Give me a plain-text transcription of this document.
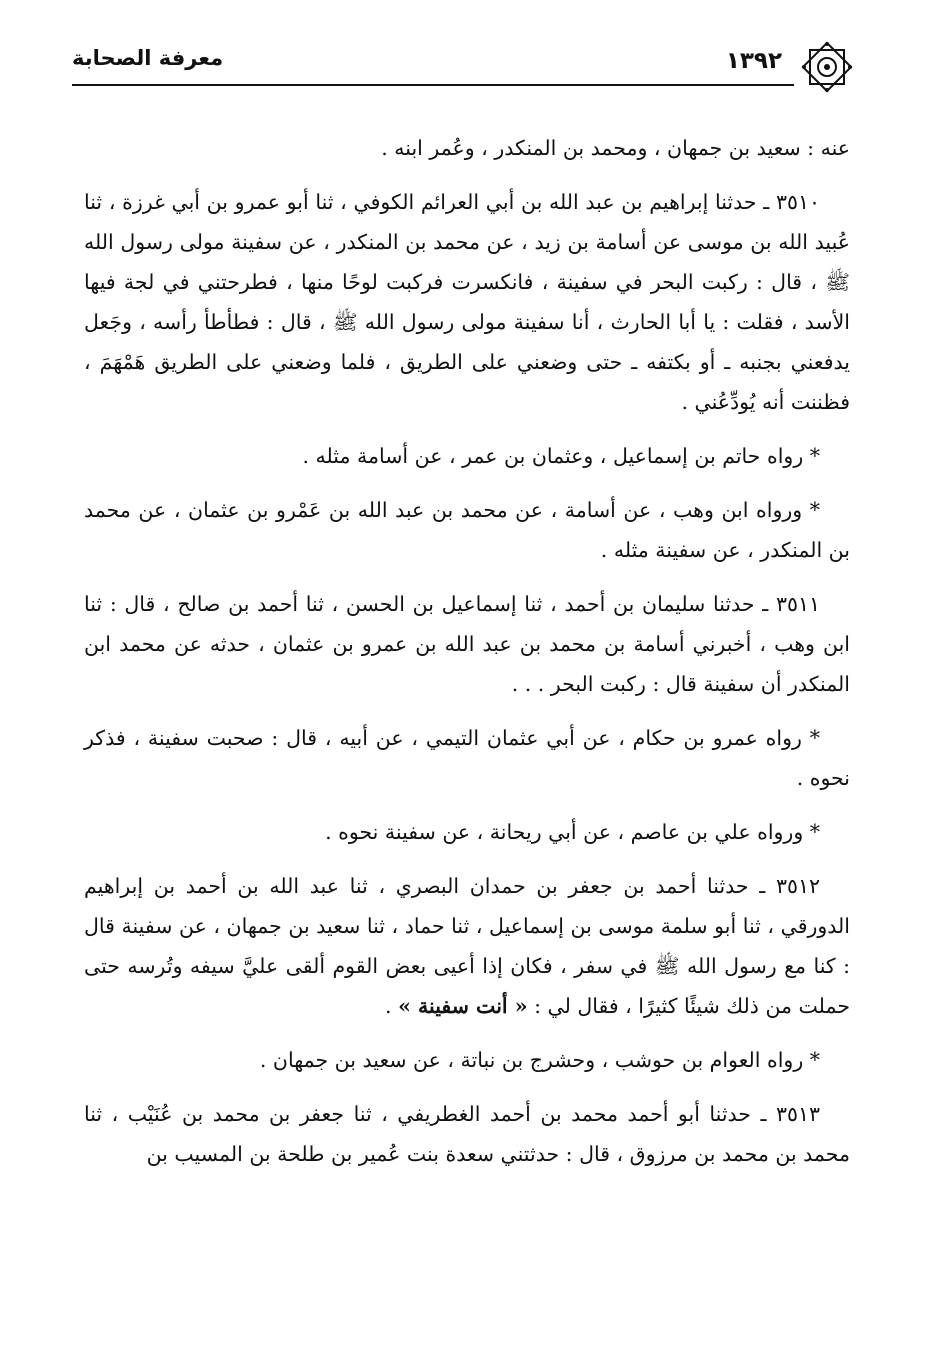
معرفة الصحابة	١٣٩٢

عنه : سعيد بن جمهان ، ومحمد بن المنكدر ، وعُمر ابنه .

٣٥١٠ ـ حدثنا إبراهيم بن عبد الله بن أبي العرائم الكوفي ، ثنا أبو عمرو بن أبي غرزة ، ثنا عُبيد الله بن موسى عن أسامة بن زيد ، عن محمد بن المنكدر ، عن سفينة مولى رسول الله ﷺ ، قال : ركبت البحر في سفينة ، فانكسرت فركبت لوحًا منها ، فطرحتني في لجة فيها الأسد ، فقلت : يا أبا الحارث ، أنا سفينة مولى رسول الله ﷺ ، قال : فطأطأ رأسه ، وجَعل يدفعني بجنبه ـ أو بكتفه ـ حتى وضعني على الطريق ، فلما وضعني على الطريق هَمْهَمَ ، فظننت أنه يُودِّعُني .

* رواه حاتم بن إسماعيل ، وعثمان بن عمر ، عن أسامة مثله .

* ورواه ابن وهب ، عن أسامة ، عن محمد بن عبد الله بن عَمْرو بن عثمان ، عن محمد بن المنكدر ، عن سفينة مثله .

٣٥١١ ـ حدثنا سليمان بن أحمد ، ثنا إسماعيل بن الحسن ، ثنا أحمد بن صالح ، قال : ثنا ابن وهب ، أخبرني أسامة بن محمد بن عبد الله بن عمرو بن عثمان ، حدثه عن محمد ابن المنكدر أن سفينة قال : ركبت البحر . . .

* رواه عمرو بن حكام ، عن أبي عثمان التيمي ، عن أبيه ، قال : صحبت سفينة ، فذكر نحوه .

* ورواه علي بن عاصم ، عن أبي ريحانة ، عن سفينة نحوه .

٣٥١٢ ـ حدثنا أحمد بن جعفر بن حمدان البصري ، ثنا عبد الله بن أحمد بن إبراهيم الدورقي ، ثنا أبو سلمة موسى بن إسماعيل ، ثنا حماد ، ثنا سعيد بن جمهان ، عن سفينة قال : كنا مع رسول الله ﷺ في سفر ، فكان إذا أعيى بعض القوم ألقى عليَّ سيفه وتُرسه حتى حملت من ذلك شيئًا كثيرًا ، فقال لي : « أنت سفينة » .

* رواه العوام بن حوشب ، وحشرج بن نباتة ، عن سعيد بن جمهان .

٣٥١٣ ـ حدثنا أبو أحمد محمد بن أحمد الغطريفي ، ثنا جعفر بن محمد بن عُنَيْب ، ثنا محمد بن محمد بن مرزوق ، قال : حدثتني سعدة بنت عُمير بن طلحة بن المسيب بن
